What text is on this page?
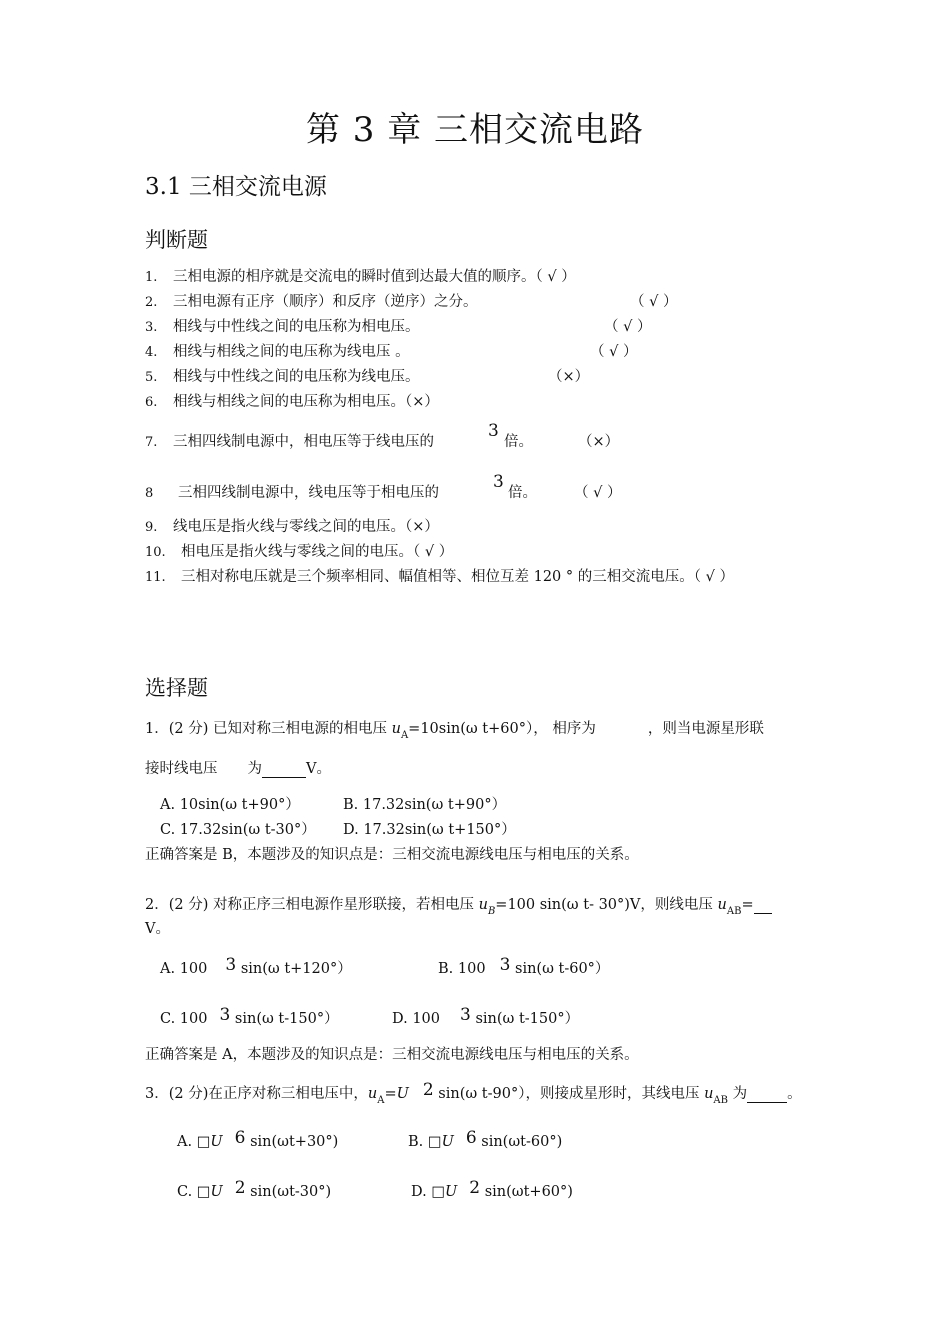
第 3 章 三相交流电路
3.1 三相交流电源
判断题
1. 三相电源的相序就是交流电的瞬时值到达最大值的顺序。（ √ ）
2. 三相电源有正序（顺序）和反序（逆序）之分。	（ √ ）
3. 相线与中性线之间的电压称为相电压。	（ √ ）
4. 相线与相线之间的电压称为线电压 。	（ √ ）
5. 相线与中性线之间的电压称为线电压。	（×）
6. 相线与相线之间的电压称为相电压。（×）
7. 三相四线制电源中，相电压等于线电压的
3
倍。	（×）
8 三相四线制电源中，线电压等于相电压的
3
倍。	（ √ ）
9. 线电压是指火线与零线之间的电压。（×）
10. 相电压是指火线与零线之间的电压。（ √ ）
11. 三相对称电压就是三个频率相同、幅值相等、相位互差 120 ° 的三相交流电压。（ √ ）
选择题
1．(2 分) 已知对称三相电源的相电压 $u_A=10\sin(\omega$ t+60°）， 相序为	，则当电源星形联
接时线电压 为	V。
A. 10sin(ω t+90°）	B. 17.32sin(ω t+90°）
C. 17.32sin(ω t-30°） D. 17.32sin(ω t+150°）
正确答案是 B，本题涉及的知识点是：三相交流电源线电压与相电压的关系。
2．(2 分) 对称正序三相电源作星形联接，若相电压 $u_B=100$ sin(ω t- 30°)V，则线电压 $u_{AB}=$
V。
A. 100 3 sin(ω t+120°）	B. 100 3 sin(ω t-60°）
C. 100 3 sin(ω t-150°）	D. 100 3 sin(ω t-150°）
正确答案是 A，本题涉及的知识点是：三相交流电源线电压与相电压的关系。
3．(2 分)在正序对称三相电压中，$u_A=U$ 2 sin(ω t-90°），则接成星形时，其线电压 $u_{AB}$ 为	。
A. □U 6 sin(ωt+30°)	B. □U 6 sin(ωt-60°)
C. □U 2 sin(ωt-30°)	D. □U 2 sin(ωt+60°)
